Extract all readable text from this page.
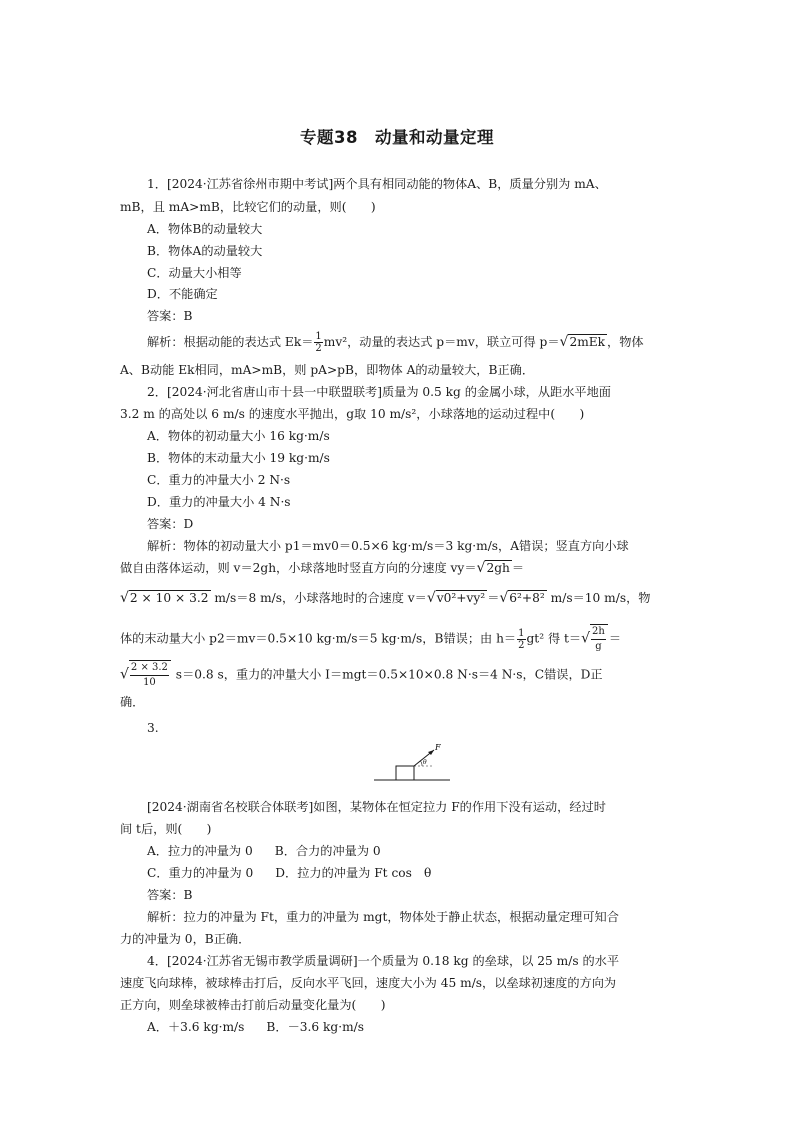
专题38　动量和动量定理
1．[2024·江苏省徐州市期中考试]两个具有相同动能的物体A、B，质量分别为 mA、
mB，且 mA>mB，比较它们的动量，则(　　)
A．物体B的动量较大
B．物体A的动量较大
C．动量大小相等
D．不能确定
答案：B
解析：根据动能的表达式 $Ek= \frac{1}{2} mv^2$，动量的表达式 p＝mv，联立可得 p＝√2mEk ，物体
A、B动能 Ek相同，mA>mB，则 pA>pB，即物体 A的动量较大，B正确．
2．[2024·河北省唐山市十县一中联盟联考]质量为 0.5 kg 的金属小球，从距水平地面
3.2 m 的高处以 6 m/s 的速度水平抛出，g取 10 m/s²，小球落地的运动过程中(　　)
A．物体的初动量大小 16 kg·m/s
B．物体的末动量大小 19 kg·m/s
C．重力的冲量大小 2 N·s
D．重力的冲量大小 4 N·s
答案：D
解析：物体的初动量大小 p1＝mv0＝0.5×6 kg·m/s＝3 kg·m/s，A错误；竖直方向小球
做自由落体运动，则 v＝2gh，小球落地时竖直方向的分速度 vy＝√2gh ＝
√2 × 10 × 3.2 m/s＝8 m/s，小球落地时的合速度 v＝√v0²+vy² ＝√6²+8² m/s＝10 m/s，物
体的末动量大小 p2＝mv＝0.5×10 kg·m/s＝5 kg·m/s，B错误；由 $h= \frac{1}{2} gt^2$ 得 $t=√ \frac{2h}{g}$ ＝
√ $\frac{2 \times 3.2}{10} s=0.8$ s，重力的冲量大小 I＝mgt＝0.5×10×0.8 N·s＝4 N·s，C错误，D正
确．
3.
F
θ
[2024·湖南省名校联合体联考]如图，某物体在恒定拉力 F的作用下没有运动，经过时
间 t后，则(　　)
A．拉力的冲量为 0 B．合力的冲量为 0
C．重力的冲量为 0 D．拉力的冲量为 Ft cos　θ
答案：B
解析：拉力的冲量为 Ft，重力的冲量为 mgt，物体处于静止状态，根据动量定理可知合
力的冲量为 0，B正确．
4．[2024·江苏省无锡市教学质量调研]一个质量为 0.18 kg 的垒球，以 25 m/s 的水平
速度飞向球棒，被球棒击打后，反向水平飞回，速度大小为 45 m/s，以垒球初速度的方向为
正方向，则垒球被棒击打前后动量变化量为(　　)
A．＋3.6 kg·m/s B．－3.6 kg·m/s
